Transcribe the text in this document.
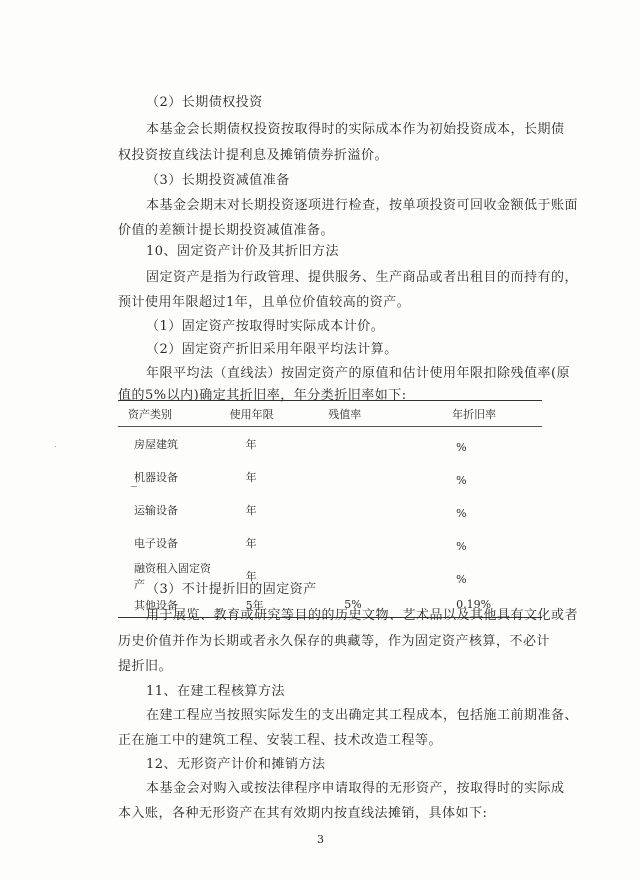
（2）长期债权投资
本基金会长期债权投资按取得时的实际成本作为初始投资成本，长期债
权投资按直线法计提利息及摊销债券折溢价。
（3）长期投资减值准备
本基金会期末对长期投资逐项进行检查，按单项投资可回收金额低于账面
价值的差额计提长期投资减值准备。
10、固定资产计价及其折旧方法
固定资产是指为行政管理、提供服务、生产商品或者出租目的而持有的，
预计使用年限超过1年，且单位价值较高的资产。
（1）固定资产按取得时实际成本计价。
（2）固定资产折旧采用年限平均法计算。
年限平均法（直线法）按固定资产的原值和估计使用年限扣除残值率(原
值的5%以内)确定其折旧率，年分类折旧率如下:
资产类别	使用年限	残值率	年折旧率
房屋建筑	年		%
机器设备	年		%
运输设备	年		%
电子设备	年		%
融资租入固定资产	年		%
其他设备	5年	5%	0.19%
（3）不计提折旧的固定资产
用于展览、教育或研究等目的的历史文物、艺术品以及其他具有文化或者
历史价值并作为长期或者永久保存的典藏等，作为固定资产核算，不必计
提折旧。
11、在建工程核算方法
在建工程应当按照实际发生的支出确定其工程成本，包括施工前期准备、
正在施工中的建筑工程、安装工程、技术改造工程等。
12、无形资产计价和摊销方法
本基金会对购入或按法律程序申请取得的无形资产，按取得时的实际成
本入账，各种无形资产在其有效期内按直线法摊销，具体如下:
3
